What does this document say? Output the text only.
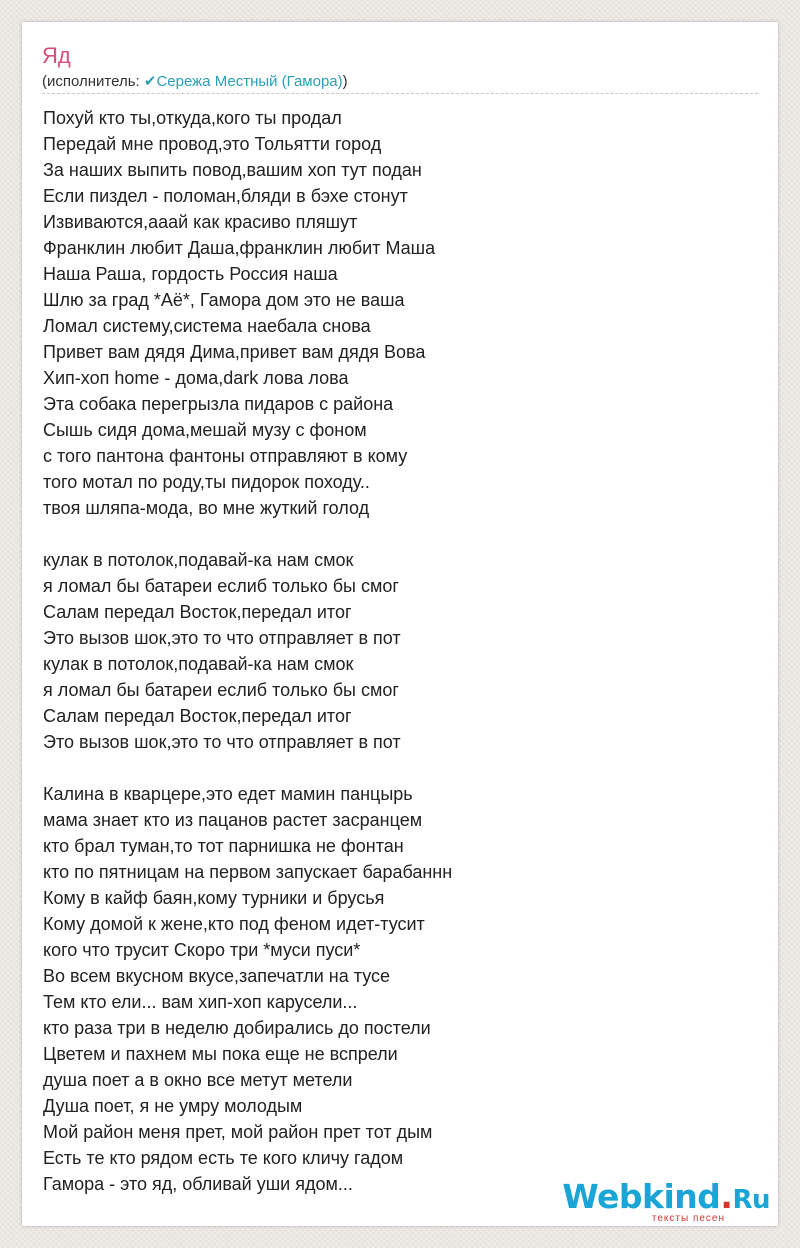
Яд
(исполнитель: ✔Сережа Местный (Гамора))
Похуй кто ты,откуда,кого ты продал
Передай мне провод,это Тольятти город
За наших выпить повод,вашим хоп тут подан
Если пиздел - поломан,бляди в бэхе стонут
Извиваются,ааай как красиво пляшут
Франклин любит Даша,франклин любит Маша
Наша Раша, гордость Россия наша
Шлю за град *Аё*, Гамора дом это не ваша
Ломал систему,система наебала снова
Привет вам дядя Дима,привет вам дядя Вова
Хип-хоп home - дома,dark лова лова
Эта собака перегрызла пидаров с района
Сышь сидя дома,мешай музу с фоном
с того пантона фантоны отправляют в кому
того мотал по роду,ты пидорок походу..
твоя шляпа-мода, во мне жуткий голод
кулак в потолок,подавай-ка нам смок
я ломал бы батареи еслиб только бы смог
Салам передал Восток,передал итог
Это вызов шок,это то что отправляет в пот
кулак в потолок,подавай-ка нам смок
я ломал бы батареи еслиб только бы смог
Салам передал Восток,передал итог
Это вызов шок,это то что отправляет в пот
Калина в кварцере,это едет мамин панцырь
мама знает кто из пацанов растет засранцем
кто брал туман,то тот парнишка не фонтан
кто по пятницам на первом запускает барабаннн
Кому в кайф баян,кому турники и брусья
Кому домой к жене,кто под феном идет-тусит
кого что трусит Скоро три *муси пуси*
Во всем вкусном вкусе,запечатли на тусе
Тем кто ели... вам хип-хоп карусели...
кто раза три в неделю добирались до постели
Цветем и пахнем мы пока еще не вспрели
душа поет а в окно все метут метели
Душа поет, я не умру молодым
Мой район меня прет, мой район прет тот дым
Есть те кто рядом есть те кого кличу гадом
Гамора - это яд, обливай уши ядом...	Webkind.Ru
тексты песен
